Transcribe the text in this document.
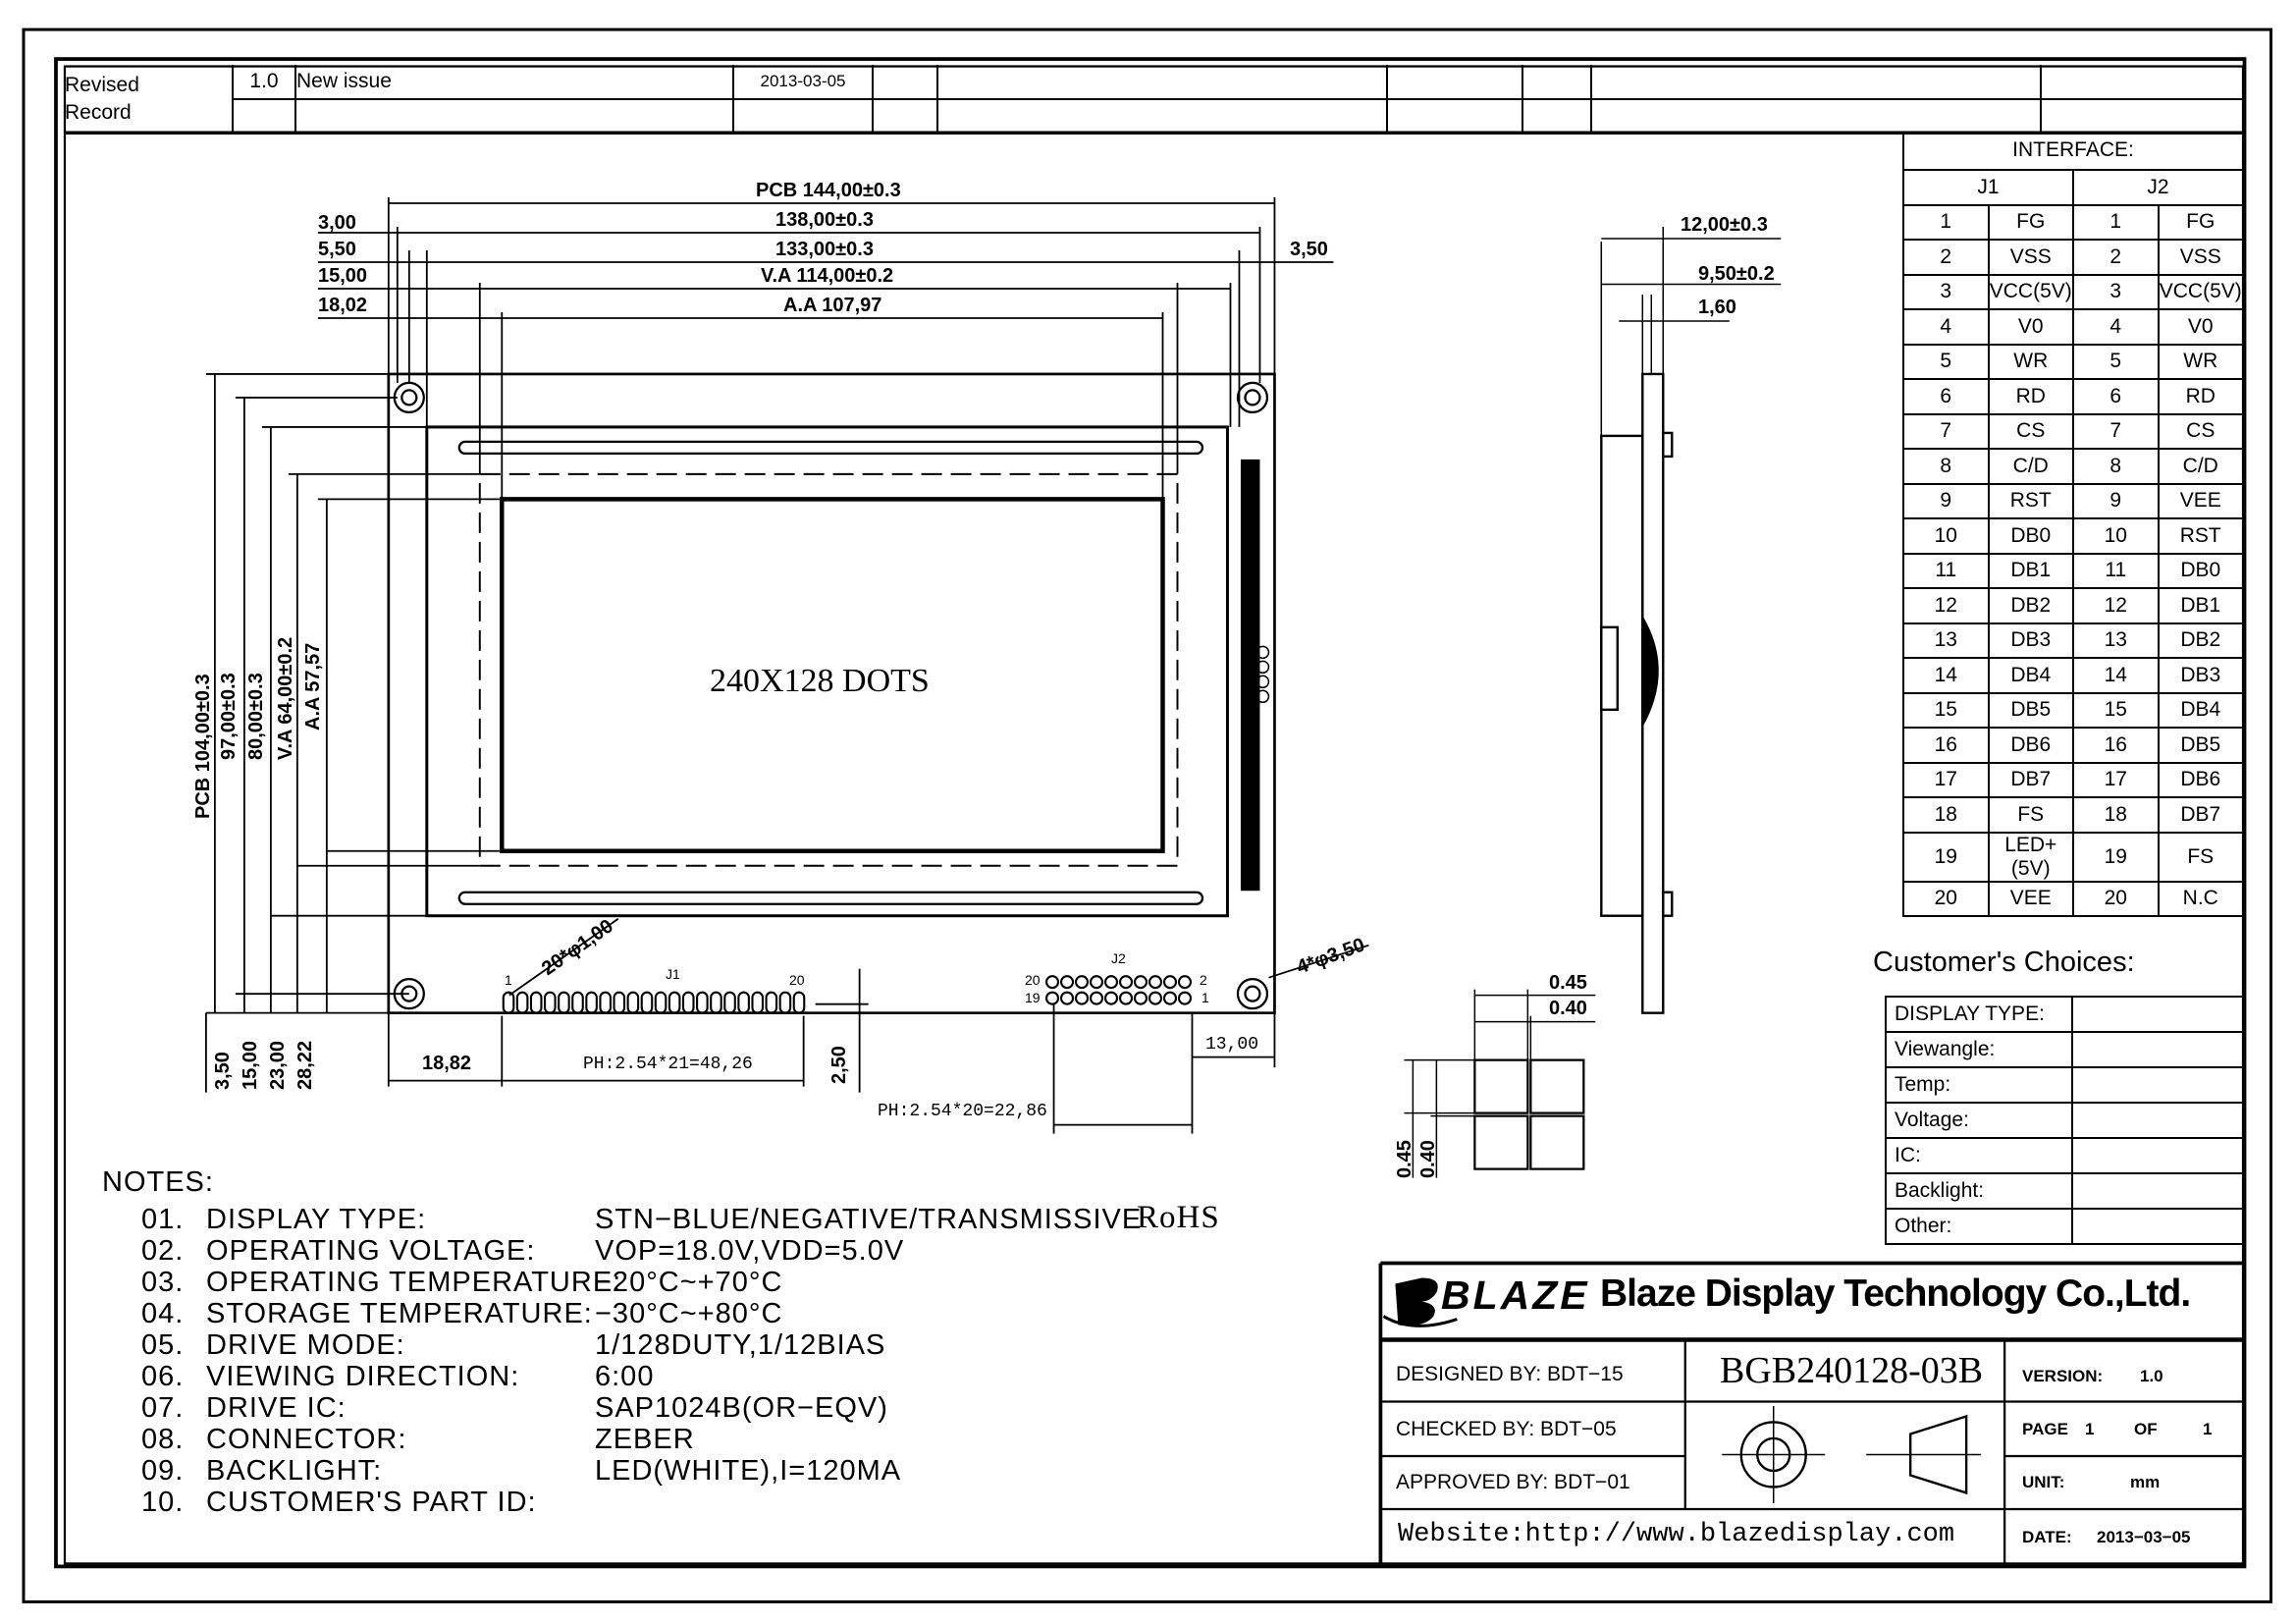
Revised
Record	1.0	New issue	2013-03-05						

240X128 DOTS
PCB 144,00±0.3
138,00±0.3
133,00±0.3
V.A 114,00±0.2
A.A 107,97
3,00
5,50
15,00
18,02
3,50
PCB 104,00±0.3 97,00±0.3 80,00±0.3 V.A 64,00±0.2 A.A 57,57
3,50 15,00 23,00 28,22	18,82	PH:2.54*21=48,26	2,50
13,00
PH:2.54*20=22,86
20*φ1,00	4*φ3,50
1	J1	20
J2
20	2
19	1
12,00±0.3
9,50±0.2
1,60
0.45
0.40
0.45 0.40
INTERFACE:			
J1		J2	
1	FG	1	FG
2	VSS	2	VSS
3	VCC(5V)	3	VCC(5V)
4	V0	4	V0
5	WR	5	WR
6	RD	6	RD
7	CS	7	CS
8	C/D	8	C/D
9	RST	9	VEE
10	DB0	10	RST
11	DB1	11	DB0
12	DB2	12	DB1
13	DB3	13	DB2
14	DB4	14	DB3
15	DB5	15	DB4
16	DB6	16	DB5
17	DB7	17	DB6
18	FS	18	DB7
19	LED+(5V)	19	FS
20	VEE	20	N.C
Customer's Choices:
DISPLAY TYPE:	
Viewangle:	
Temp:	
Voltage:	
IC:	
Backlight:	
Other:	
NOTES:
01. DISPLAY TYPE:	STN−BLUE/NEGATIVE/TRANSMISSIVE
RoHS
02. OPERATING VOLTAGE: VOP=18.0V,VDD=5.0V
03. OPERATING TEMPERATURE:
−20°C~+70°C
04. STORAGE TEMPERATURE: −30°C~+80°C
05. DRIVE MODE:	1/128DUTY,1/12BIAS
06. VIEWING DIRECTION:	6:00
07. DRIVE IC:	SAP1024B(OR−EQV)
08. CONNECTOR:	ZEBER
09. BACKLIGHT:	LED(WHITE),I=120MA
10. CUSTOMER'S PART ID:
BLAZE Blaze Display Technology Co.,Ltd.
DESIGNED BY: BDT−15
CHECKED BY: BDT−05
APPROVED BY: BDT−01
BGB240128-03B VERSION: 1.0
PAGE 1 OF	1
UNIT:	mm
DATE: 2013−03−05
Website:http://www.blazedisplay.com
